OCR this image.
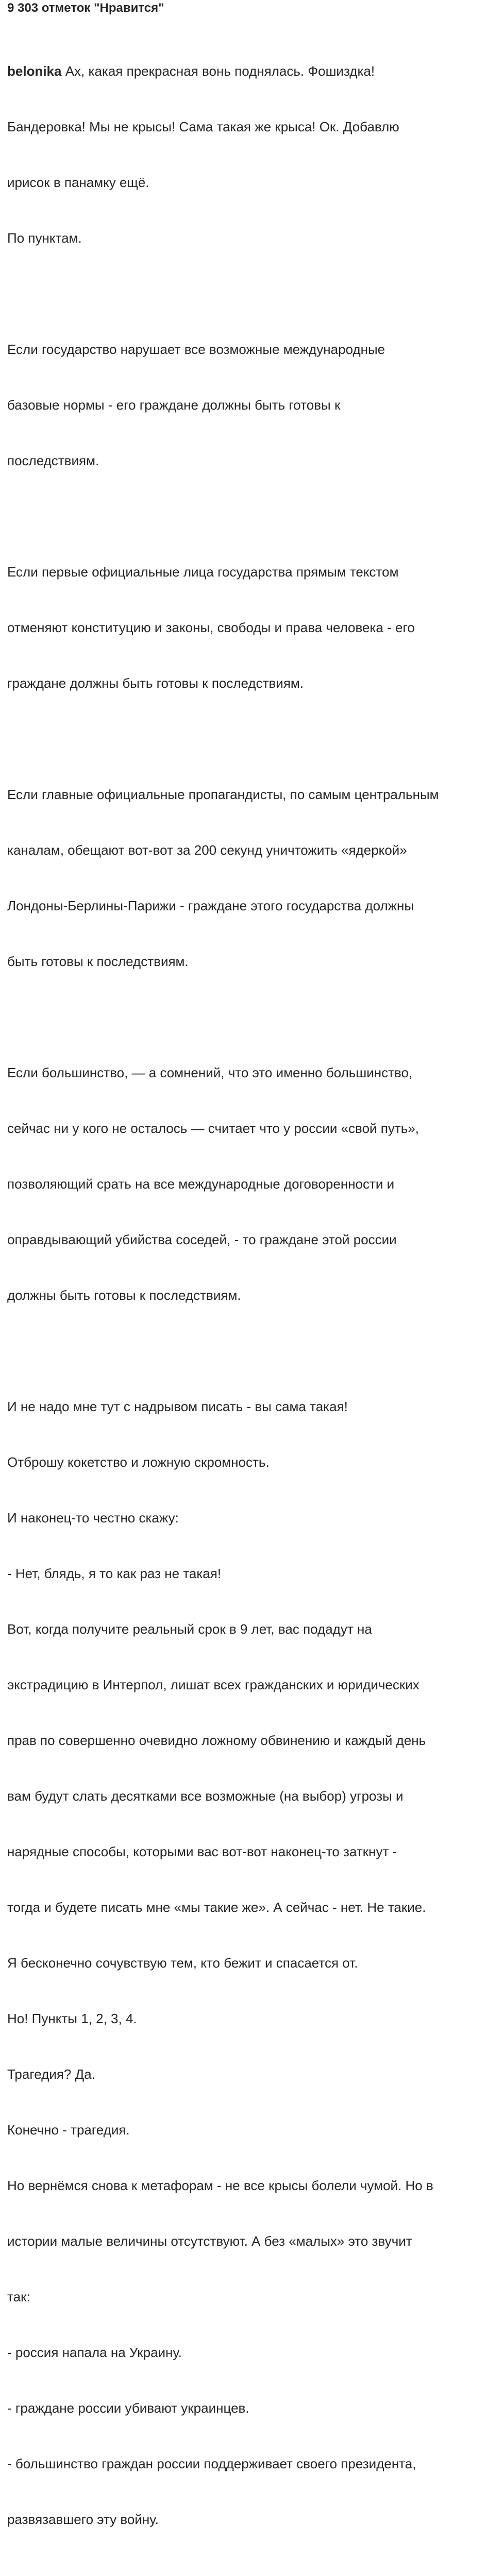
9 303 отметок "Нравится"

belonika Ах, какая прекрасная вонь поднялась. Фошиздка!

Бандеровка! Мы не крысы! Сама такая же крыса! Ок. Добавлю

ирисок в панамку ещё.

По пунктам.

Если государство нарушает все возможные международные

базовые нормы - его граждане должны быть готовы к

последствиям.

Если первые официальные лица государства прямым текстом

отменяют конституцию и законы, свободы и права человека - его

граждане должны быть готовы к последствиям.

Если главные официальные пропагандисты, по самым центральным

каналам, обещают вот-вот за 200 секунд уничтожить «ядеркой»

Лондоны-Берлины-Парижи - граждане этого государства должны

быть готовы к последствиям.

Если большинство, — а сомнений, что это именно большинство,

сейчас ни у кого не осталось — считает что у россии «свой путь»,

позволяющий срать на все международные договоренности и

оправдывающий убийства соседей, - то граждане этой россии

должны быть готовы к последствиям.

И не надо мне тут с надрывом писать - вы сама такая!

Отброшу кокетство и ложную скромность.

И наконец-то честно скажу:

- Нет, блядь, я то как раз не такая!

Вот, когда получите реальный срок в 9 лет, вас подадут на

экстрадицию в Интерпол, лишат всех гражданских и юридических

прав по совершенно очевидно ложному обвинению и каждый день

вам будут слать десятками все возможные (на выбор) угрозы и

нарядные способы, которыми вас вот-вот наконец-то заткнут -

тогда и будете писать мне «мы такие же». А сейчас - нет. Не такие.

Я бесконечно сочувствую тем, кто бежит и спасается от.

Но! Пункты 1, 2, 3, 4.

Трагедия? Да.

Конечно - трагедия.

Но вернёмся снова к метафорам - не все крысы болели чумой. Но в

истории малые величины отсутствуют. А без «малых» это звучит

так:

- россия напала на Украину.

- граждане россии убивают украинцев.

- большинство граждан россии поддерживает своего президента,

развязавшего эту войну.
